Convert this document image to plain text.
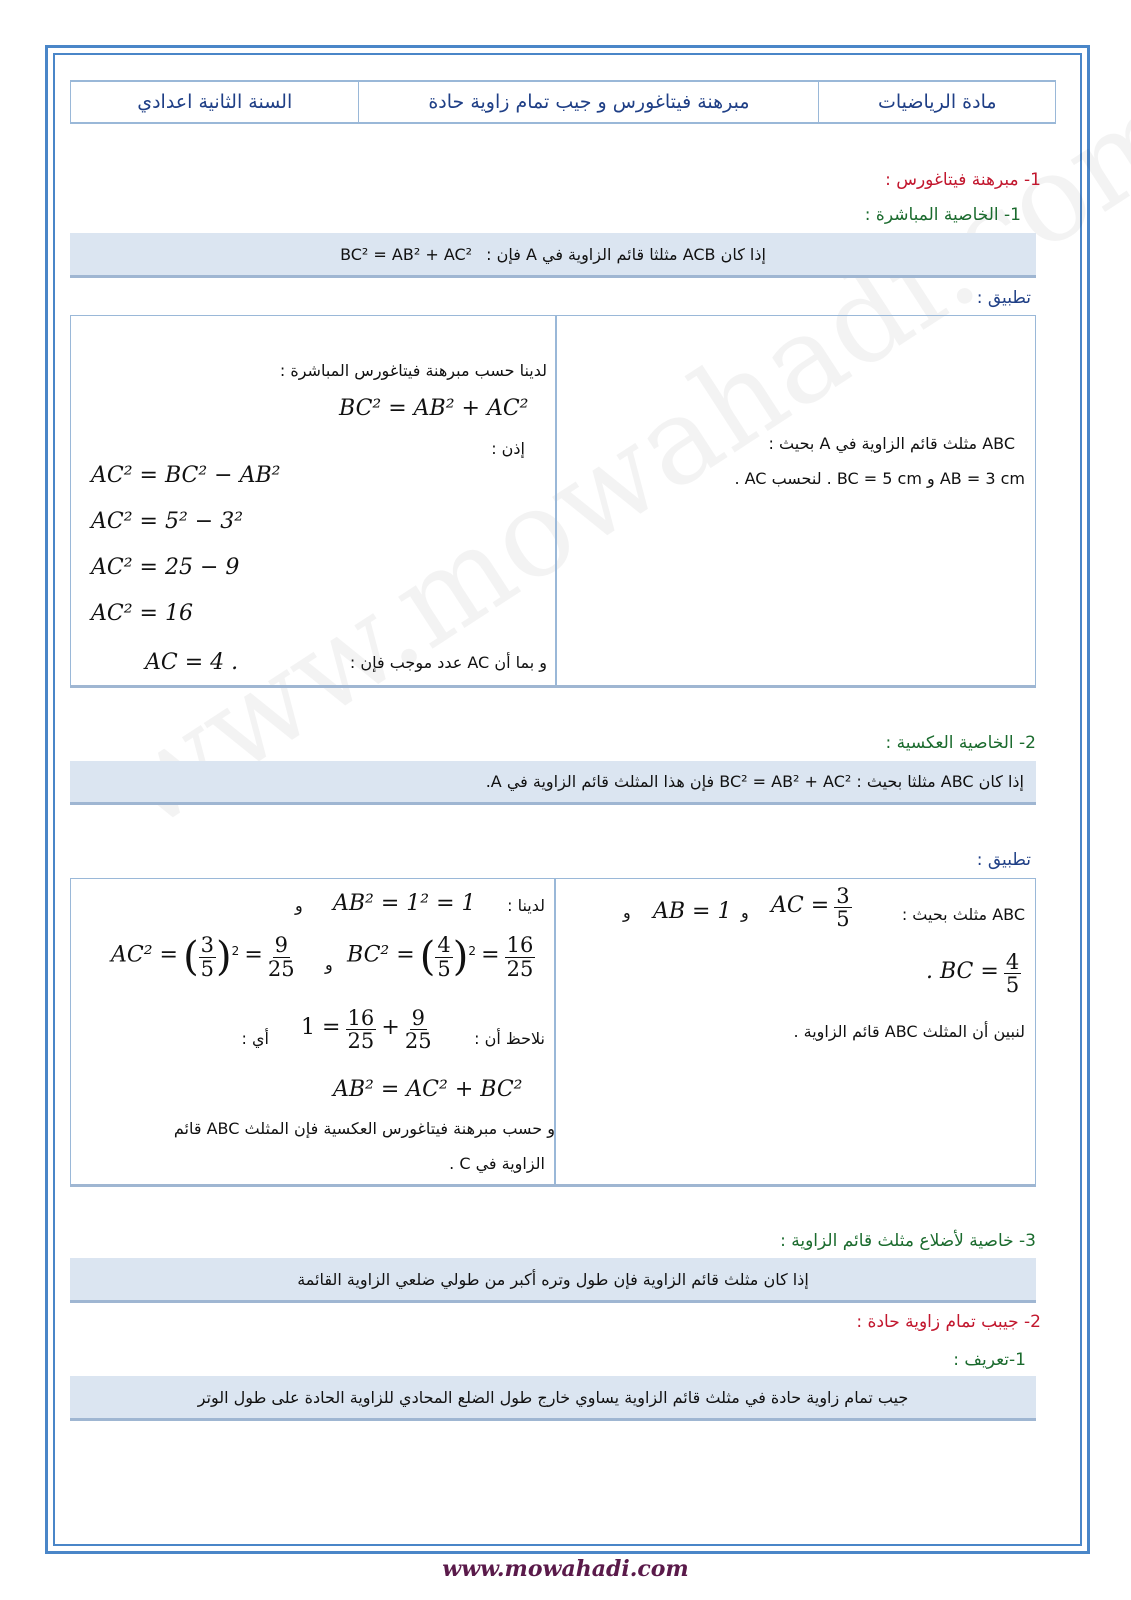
مادة الرياضيات
مبرهنة فيتاغورس و جيب تمام زاوية حادة
السنة الثانية اعدادي
1- مبرهنة فيتاغورس :
1- الخاصية المباشرة :
إذا كان ACB مثلثا قائم الزاوية في A فإن :
BC² = AB² + AC²
تطبيق :
ABC مثلث قائم الزاوية في A بحيث :
AB = 3 cm و BC = 5 cm . لنحسب AC .
لدينا حسب مبرهنة فيتاغورس المباشرة :
BC² = AB² + AC²
إذن :
AC² = BC² − AB²
AC² = 5² − 3²
AC² = 25 − 9
AC² = 16
و بما أن AC عدد موجب فإن :
AC = 4 .
2- الخاصية العكسية :
إذا كان ABC مثلثا بحيث : BC² = AB² + AC² فإن هذا المثلث قائم الزاوية في A.
تطبيق :
ABC مثلث بحيث :
AC = $\frac{3}{5}$
و
AB = 1
و
. BC = $\frac{4}{5}$
لنبين أن المثلث ABC قائم الزاوية .
لدينا :
AB² = 1² = 1
و
BC² = ( $\frac{4}{5} )^2 = \frac{16}{25}$
و
AC² = ( $\frac{3}{5} )^2 = \frac{9}{25}$
نلاحظ أن :
$1 = \frac{16}{25} + \frac{9}{25}$
أي :
AB² = AC² + BC²
و حسب مبرهنة فيتاغورس العكسية فإن المثلث ABC قائم
الزاوية في C .
3- خاصية لأضلاع مثلث قائم الزاوية :
إذا كان مثلث قائم الزاوية فإن طول وتره أكبر من طولي ضلعي الزاوية القائمة
2- جيبب تمام زاوية حادة :
1-تعريف :
جيب تمام زاوية حادة في مثلث قائم الزاوية يساوي خارج طول الضلع المحادي للزاوية الحادة على طول الوتر
www.mowahadi.com
